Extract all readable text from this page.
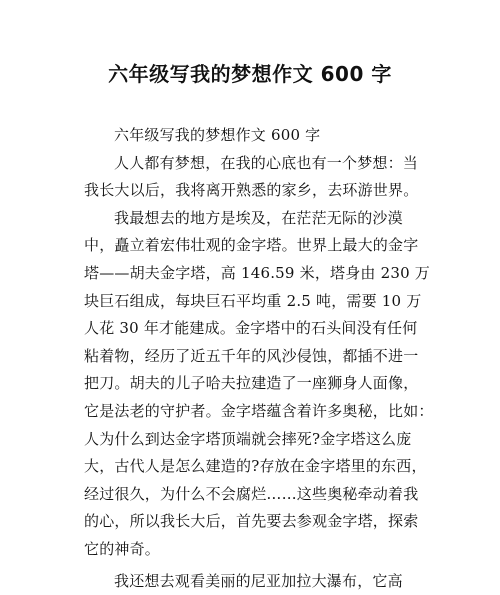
六年级写我的梦想作文 600 字
六年级写我的梦想作文 600 字
人人都有梦想，在我的心底也有一个梦想：当
我长大以后，我将离开熟悉的家乡，去环游世界。
我最想去的地方是埃及，在茫茫无际的沙漠
中，矗立着宏伟壮观的金字塔。世界上最大的金字
塔——胡夫金字塔，高 146.59 米，塔身由 230 万
块巨石组成，每块巨石平均重 2.5 吨，需要 10 万
人花 30 年才能建成。金字塔中的石头间没有任何
粘着物，经历了近五千年的风沙侵蚀，都插不进一
把刀。胡夫的儿子哈夫拉建造了一座狮身人面像，
它是法老的守护者。金字塔蕴含着许多奥秘，比如：
人为什么到达金字塔顶端就会摔死?金字塔这么庞
大，古代人是怎么建造的?存放在金字塔里的东西，
经过很久，为什么不会腐烂……这些奥秘牵动着我
的心，所以我长大后，首先要去参观金字塔，探索
它的神奇。
我还想去观看美丽的尼亚加拉大瀑布，它高
